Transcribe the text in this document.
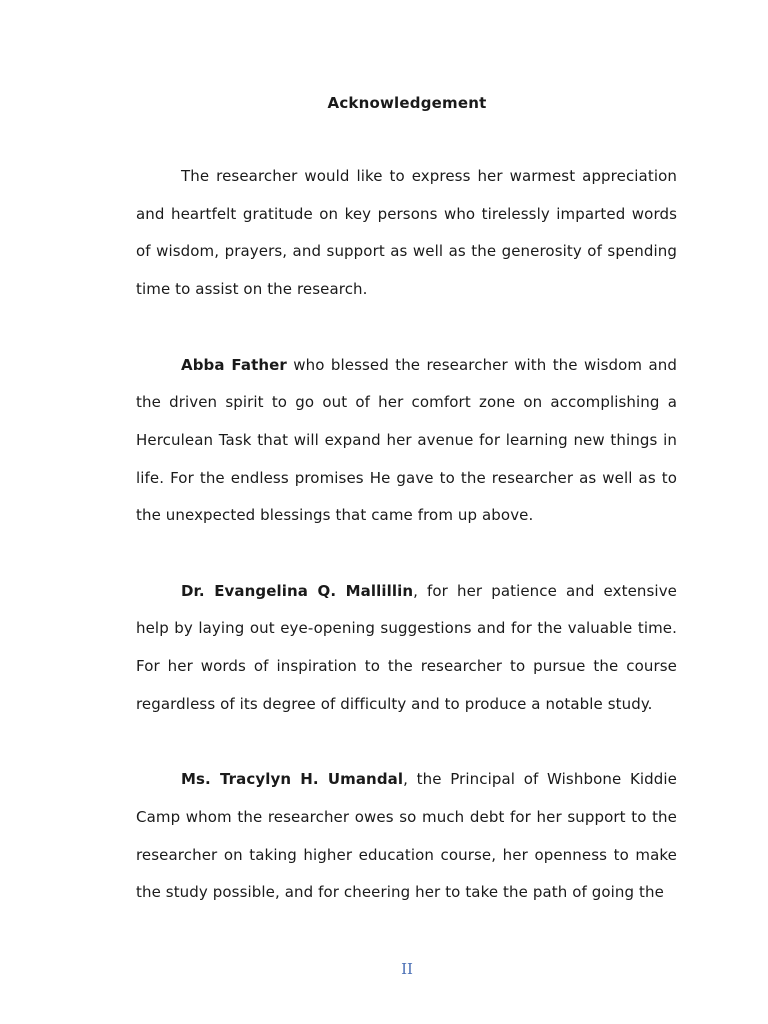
Acknowledgement

The researcher would like to express her warmest appreciation and heartfelt gratitude on key persons who tirelessly imparted words of wisdom, prayers, and support as well as the generosity of spending time to assist on the research.

Abba Father who blessed the researcher with the wisdom and the driven spirit to go out of her comfort zone on accomplishing a Herculean Task that will expand her avenue for learning new things in life. For the endless promises He gave to the researcher as well as to the unexpected blessings that came from up above.

Dr. Evangelina Q. Mallillin, for her patience and extensive help by laying out eye-opening suggestions and for the valuable time. For her words of inspiration to the researcher to pursue the course regardless of its degree of difficulty and to produce a notable study.

Ms. Tracylyn H. Umandal, the Principal of Wishbone Kiddie Camp whom the researcher owes so much debt for her support to the researcher on taking higher education course, her openness to make the study possible, and for cheering her to take the path of going the

II
